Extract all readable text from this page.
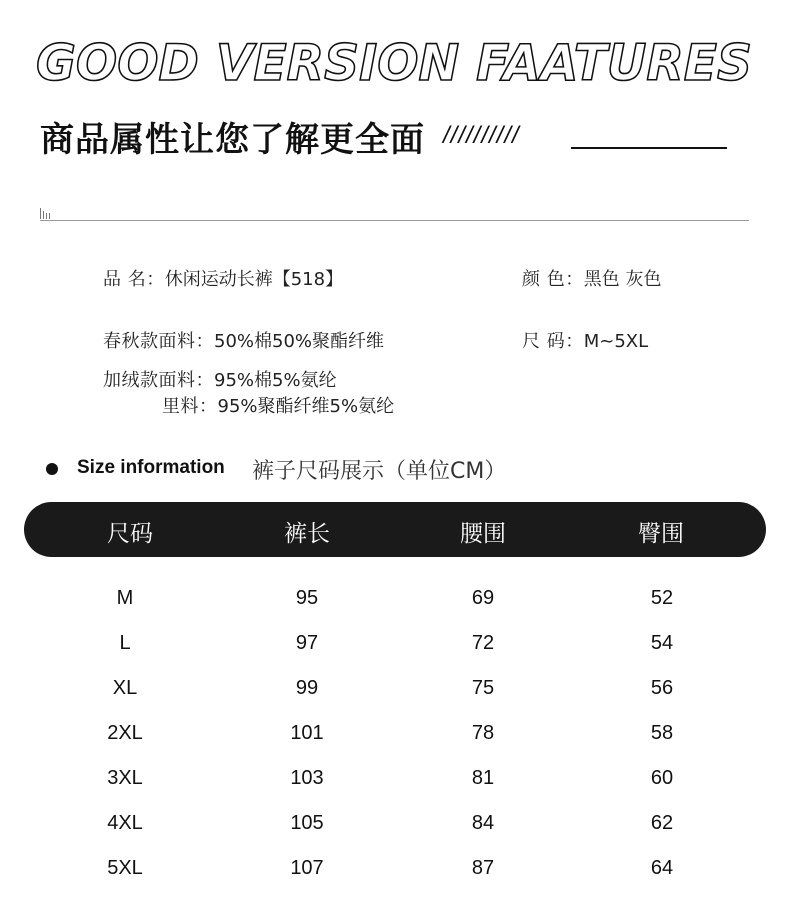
GOOD VERSION FAATURES
商品属性让您了解更全面 //////////
品 名：休闲运动长裤【518】	颜 色：黑色 灰色
春秋款面料：50%棉50%聚酯纤维	尺 码：M~5XL
加绒款面料：95%棉5%氨纶
里料：95%聚酯纤维5%氨纶
Size information 裤子尺码展示（单位CM）
尺码	裤长	腰围	臀围
M	95	69	52
L	97	72	54
XL	99	75	56
2XL	101	78	58
3XL	103	81	60
4XL	105	84	62
5XL	107	87	64
